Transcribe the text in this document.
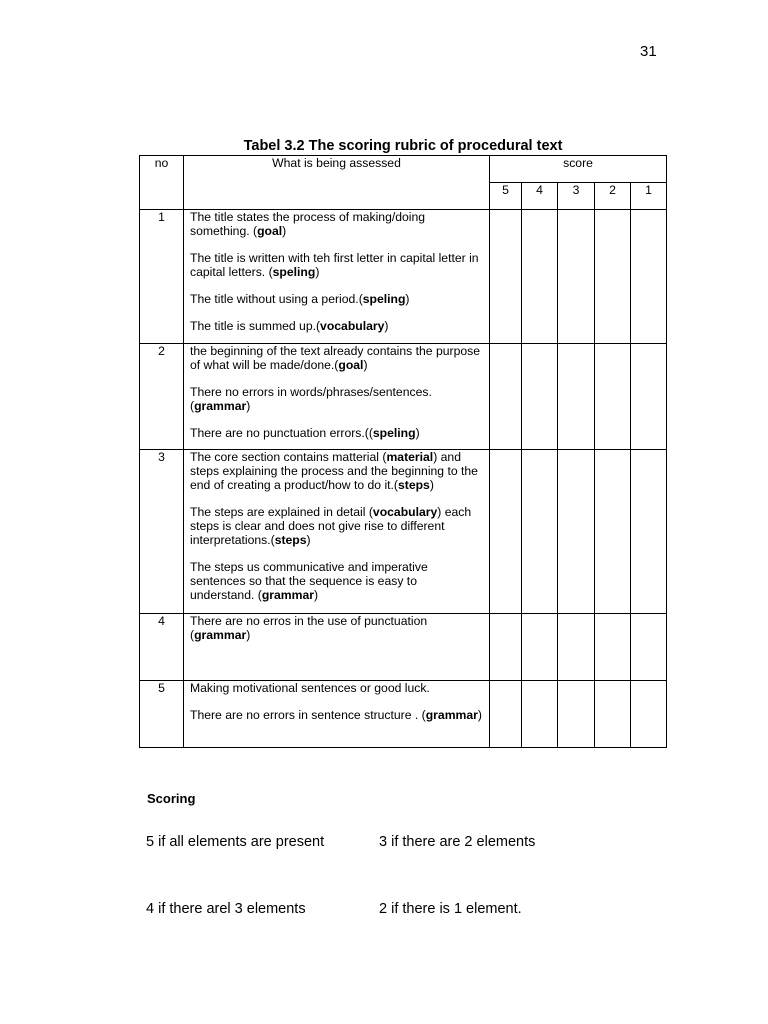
31
Tabel 3.2 The scoring rubric of procedural text
no	What is being assessed	score				
		5	4	3	2	1
1	The title states the process of making/doing something. (goal)
The title is written with teh first letter in capital letter in capital letters. (speling)
The title without using a period.(speling)
The title is summed up.(vocabulary)					

2	the beginning of the text already contains the purpose of what will be made/done.(goal)
There no errors in words/phrases/sentences. (grammar)
There are no punctuation errors.((speling)					

3	The core section contains matterial (material) and steps explaining the process and the beginning to the end of creating a product/how to do it.(steps)
The steps are explained in detail (vocabulary) each steps is clear and does not give rise to different interpretations.(steps)
The steps us communicative and imperative sentences so that the sequence is easy to understand. (grammar)					

4	There are no erros in the use of punctuation (grammar)					

5	Making motivational sentences or good luck.
There are no errors in sentence structure . (grammar)					

Scoring
5 if all elements are present	3 if there are 2 elements
4 if there arel 3 elements	2 if there is 1 element.
